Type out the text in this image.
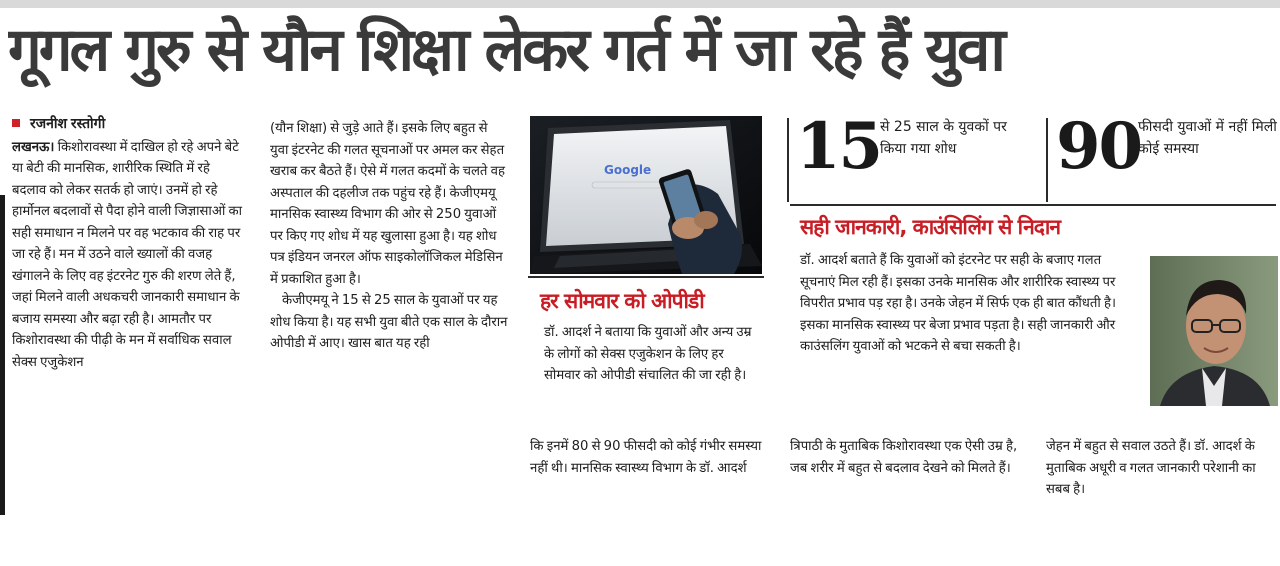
गूगल गुरु से यौन शिक्षा लेकर गर्त में जा रहे हैं युवा
रजनीश रस्तोगी

लखनऊ। किशोरावस्था में दाखिल हो रहे अपने बेटे या बेटी की मानसिक, शारीरिक स्थिति में रहे बदलाव को लेकर सतर्क हो जाएं। उनमें हो रहे हार्मोनल बदलावों से पैदा होने वाली जिज्ञासाओं का सही समाधान न मिलने पर वह भटकाव की राह पर जा रहे हैं। मन में उठने वाले ख्यालों की वजह खंगालने के लिए वह इंटरनेट गुरु की शरण लेते हैं, जहां मिलने वाली अधकचरी जानकारी समाधान के बजाय समस्या और बढ़ा रही है। आमतौर पर किशोरावस्था की पीढ़ी के मन में सर्वाधिक सवाल सेक्स एजुकेशन

(यौन शिक्षा) से जुड़े आते हैं। इसके लिए बहुत से युवा इंटरनेट की गलत सूचनाओं पर अमल कर सेहत खराब कर बैठते हैं। ऐसे में गलत कदमों के चलते वह अस्पताल की दहलीज तक पहुंच रहे हैं। केजीएमयू मानसिक स्वास्थ्य विभाग की ओर से 250 युवाओं पर किए गए शोध में यह खुलासा हुआ है। यह शोध पत्र इंडियन जनरल ऑफ साइकोलॉजिकल मेडिसिन में प्रकाशित हुआ है।

केजीएमयू ने 15 से 25 साल के युवाओं पर यह शोध किया है। यह सभी युवा बीते एक साल के दौरान ओपीडी में आए। खास बात यह रही

Google
हर सोमवार को ओपीडी

डॉ. आदर्श ने बताया कि युवाओं और अन्य उम्र के लोगों को सेक्स एजुकेशन के लिए हर सोमवार को ओपीडी संचालित की जा रही है।

15
से 25 साल के युवकों पर किया गया शोध	90
फीसदी युवाओं में नहीं मिली कोई समस्या
सही जानकारी, काउंसिलिंग से निदान

डॉ. आदर्श बताते हैं कि युवाओं को इंटरनेट पर सही के बजाए गलत सूचनाएं मिल रही हैं। इसका उनके मानसिक और शारीरिक स्वास्थ्य पर विपरीत प्रभाव पड़ रहा है। उनके जेहन में सिर्फ एक ही बात कौंधती है। इसका मानसिक स्वास्थ्य पर बेजा प्रभाव पड़ता है। सही जानकारी और काउंसलिंग युवाओं को भटकने से बचा सकती है।

कि इनमें 80 से 90 फीसदी को कोई गंभीर समस्या नहीं थी। मानसिक स्वास्थ्य विभाग के डॉ. आदर्श

त्रिपाठी के मुताबिक किशोरावस्था एक ऐसी उम्र है, जब शरीर में बहुत से बदलाव देखने को मिलते हैं।

जेहन में बहुत से सवाल उठते हैं। डॉ. आदर्श के मुताबिक अधूरी व गलत जानकारी परेशानी का सबब है।
